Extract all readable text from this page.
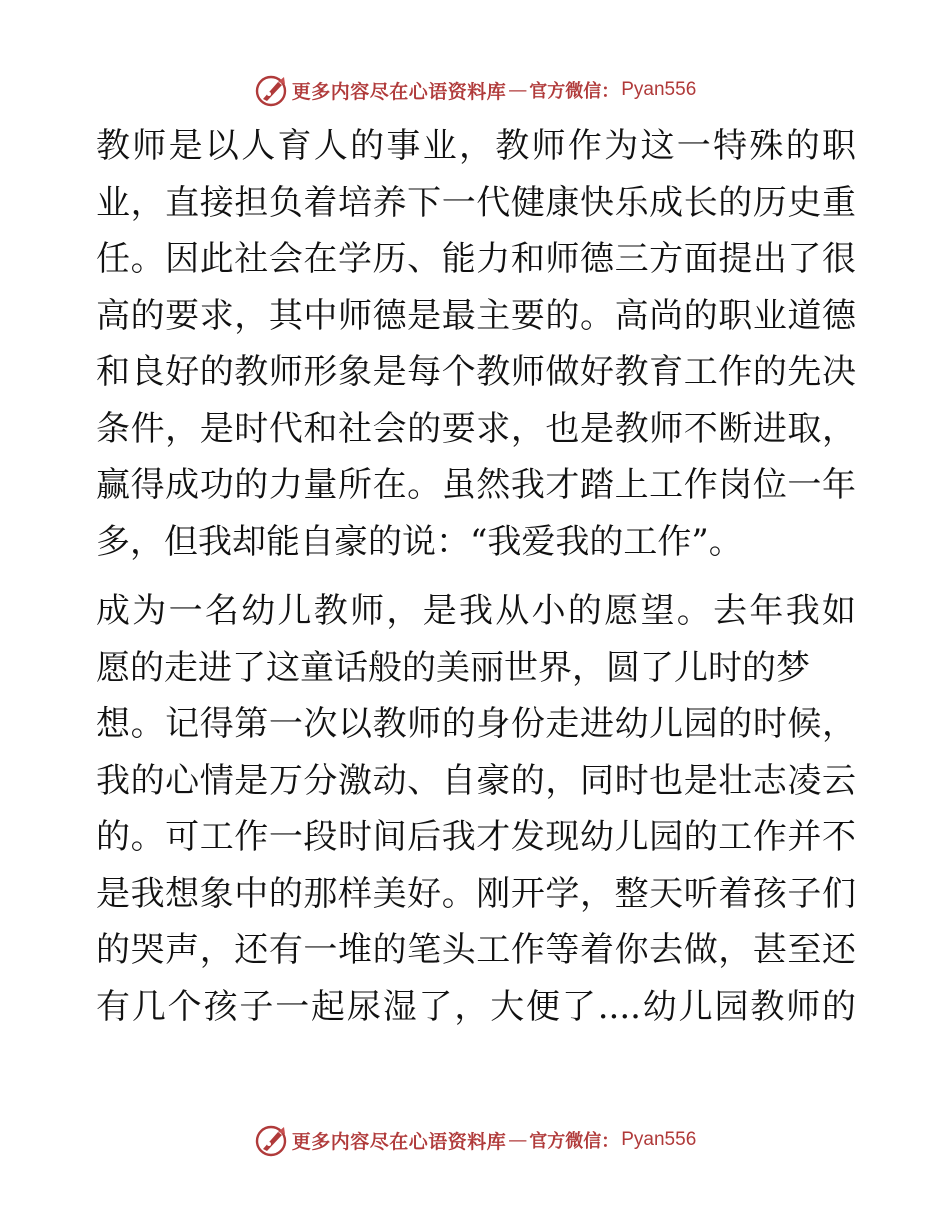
更多内容尽在心语资料库 — 官方微信： Pyan556

教师是以人育人的事业，教师作为这一特殊的职
业，直接担负着培养下一代健康快乐成长的历史重
任。因此社会在学历、能力和师德三方面提出了很
高的要求，其中师德是最主要的。高尚的职业道德
和良好的教师形象是每个教师做好教育工作的先决
条件，是时代和社会的要求，也是教师不断进取，
赢得成功的力量所在。虽然我才踏上工作岗位一年
多，但我却能自豪的说：“我爱我的工作”。

成为一名幼儿教师，是我从小的愿望。去年我如
愿的走进了这童话般的美丽世界，圆了儿时的梦
想。记得第一次以教师的身份走进幼儿园的时候，
我的心情是万分激动、自豪的，同时也是壮志凌云
的。可工作一段时间后我才发现幼儿园的工作并不
是我想象中的那样美好。刚开学，整天听着孩子们
的哭声，还有一堆的笔头工作等着你去做，甚至还
有几个孩子一起尿湿了，大便了....幼儿园教师的

更多内容尽在心语资料库 — 官方微信： Pyan556
